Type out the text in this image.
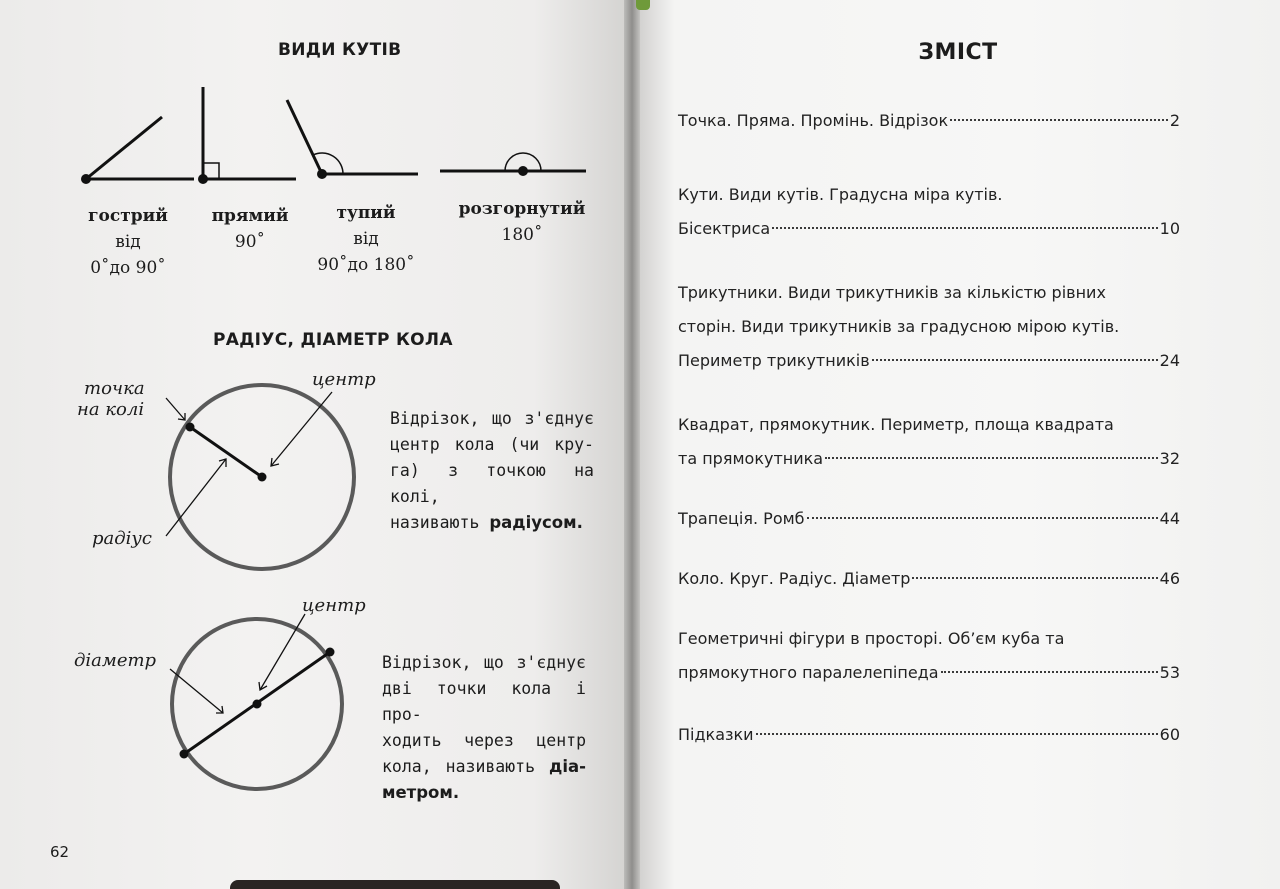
ВИДИ КУТІВ
гострий
від
0˚до 90˚
прямий
90˚
тупий
від
90˚до 180˚
розгорнутий
180˚
РАДІУС, ДІАМЕТР КОЛА
точка
на колі
центр
радіус
Відрізок, що з'єднує
центр кола (чи кру-
га) з точкою на колі,
називають радіусом.
центр
діаметр	Відрізок, що з'єднує
дві точки кола і про-
ходить через центр
кола, називають діа-
метром.
62
ЗМІСТ
Точка. Пряма. Промінь. Відрізок	2
Кути. Види кутів. Градусна міра кутів.
Бісектриса	10
Трикутники. Види трикутників за кількістю рівних
сторін. Види трикутників за градусною мірою кутів.
Периметр трикутників	24
Квадрат, прямокутник. Периметр, площа квадрата
та прямокутника	32
Трапеція. Ромб	44
Коло. Круг. Радіус. Діаметр	46
Геометричні фігури в просторі. Об’єм куба та
прямокутного паралелепіпеда	53
Підказки	60
